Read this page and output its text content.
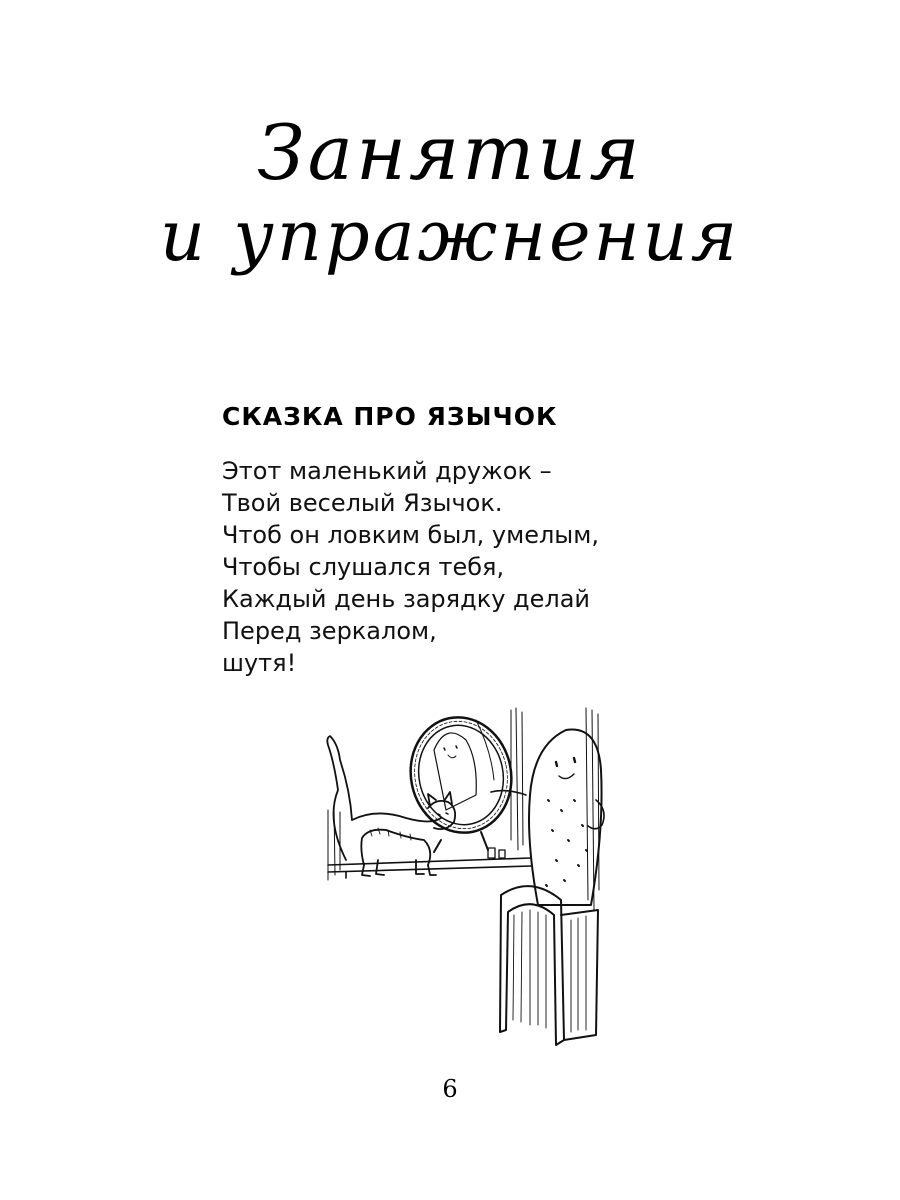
Занятия
и упражнения
СКАЗКА ПРО ЯЗЫЧОК
Этот маленький дружок –
Твой веселый Язычок.
Чтоб он ловким был, умелым,
Чтобы слушался тебя,
Каждый день зарядку делай
Перед зеркалом,
шутя!
6
